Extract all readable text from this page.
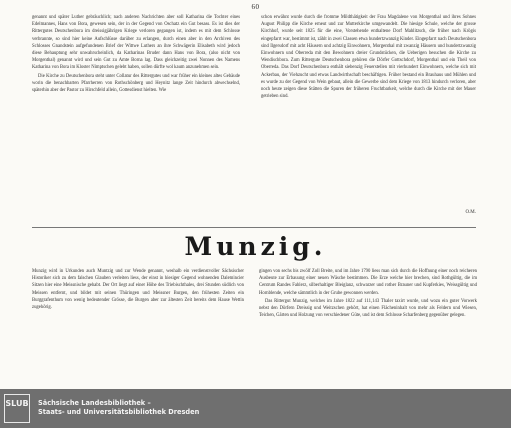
60

genannt und später Luther gebräuchlich; nach anderen Nachrichten aber soll Katharina die Tochter eines Edelmannes, Hans von Bora, gewesen sein, der in der Gegend von Oschatz ein Gut besass. Es ist dies der Rittergutes Deutschenbora im dreissigjährigen Kriege verloren gegangen ist, indem es mit dem Schlosse verbrannte, so sind hier keine Aufschlüsse darüber zu erlangen, durch einen aber in den Archiven des Schlosses Gnandstein aufgefundenen Brief der Wittwe Luthers an ihre Schwägerin Elisabeth wird jedoch diese Behauptung sehr unwahrscheinlich, da Katharinas Bruder dann Hans von Bora, (also nicht von Morgenthal) genannt wird und sein Gut zu Amte Borna lag. Dass gleichzeitig zwei Nonnen des Namens Katharina von Bora im Kloster Nimptschen gelebt haben, sollen dürfte wol kaum anzunehmen sein.

Die Kirche zu Deutschenbora steht unter Collatur des Rittergutes und war früher ein kleines altes Gebäude worin die benachbarten Pfarrherren von Rothschönberg und Heynitz lange Zeit hindurch abwechselnd, späterhin aber der Pastor zu Hirschfeld allein, Gottesdienst hielten. Wie

schon erwähnt wurde durch die fromme Mildthätigkeit der Frau Magdalene von Morgenthal und ihres Sohnes August Philipp die Kirche erneut und zur Mutterkirche umgewandelt. Die hiesige Schule, welche der grosse Kirchhof, wurde seit 1825 für die eine, Vorstehende enthaltene Dorf Mahlitzsch, die früher nach Krögis eingepfarrt war, bestimmt ist, zählt in zwei Classen etwa hundertzwanzig Kinder. Eingepfarrt nach Deutschenbora sind Ilgersdorf mit acht Häusern und achtzig Einwohnern, Morgenthal mit zwanzig Häusern und hundertzwanzig Einwohnern und Oberreda mit den Bewohnern dreier Grundstücken, die Ueberigen besuchen die Kirche zu Wendischbora. Zum Rittergute Deutschenbora gehören die Dörfer Gottschdorf, Morgenthal und ein Theil von Oberreda. Das Dorf Deutschenbora enthält siebenzig Feuerstellen mit vierhundert Einwohnern, welche sich mit Ackerbau, der Viehzucht und etwas Landwirthschaft beschäftigen. Früher bestand ein Brauhaus und Mühlen und es wurde zu der Gegend von Wein gebaut, allein die Gewerbe sind dem Kriege von 1813 hindurch verloren, aber noch heute zeigen diese Stätten die Spuren der früheren Fruchtbarkeit, welche durch die Kirche mit der Mauer getrieben sind.

O.M.
Munzig.

Munzig wird in Urkunden auch Muntzig und zur Wende genannt, weshalb ein verdienstvoller Sächsischer Historiker sich zu dem falschen Glauben verleiten liess, der einst in hiesiger Gegend wohnenden Dalemincier Sitzen hier eine Meissnische gehabt. Der Ort liegt auf einer Höhe des Triebischthales, drei Stunden südlich von Meissen entfernt, und bildet mit seinen Thüringen und Meissner Burgen, den frühesten Zeiten ein Burggrafenthum von wenig bedeutender Grösse, die Burgen aber zur ältesten Zeit bereits dem Hause Wettin zugehörig.

gingen von sechs bis zwölf Zoll Breite, und im Jahre 1790 liess man sich durch die Hoffnung einer noch reicheren Ausbeute zur Erbauung einer neuen Wäsche bestimmen. Die Erze welche hier brechen, sind Rothgültig, die im Centrum Randes Fahlerz, silberhaltiger Bleiglanz, schwarzer und rother Brauner und Kupferkies, Weissgültig und Hornblende, welche sämmtlich in der Grube gewonnen werden.

Das Rittergut Munzig, welches im Jahre 1822 auf 111,143 Thaler taxirt wurde, und wozu ein guter Vorwerk nebst den Dörfern Dreissig und Weitzschen gehört, hat einen Flächeninhalt von mehr als Feldern und Wiesen, Teichen, Gärten und Holzung von verschiedener Güte, und ist dem Schlosse Scharfenberg gegenüber gelegen.

SLUB Sächsische Landesbibliothek –
Staats- und Universitätsbibliothek Dresden
